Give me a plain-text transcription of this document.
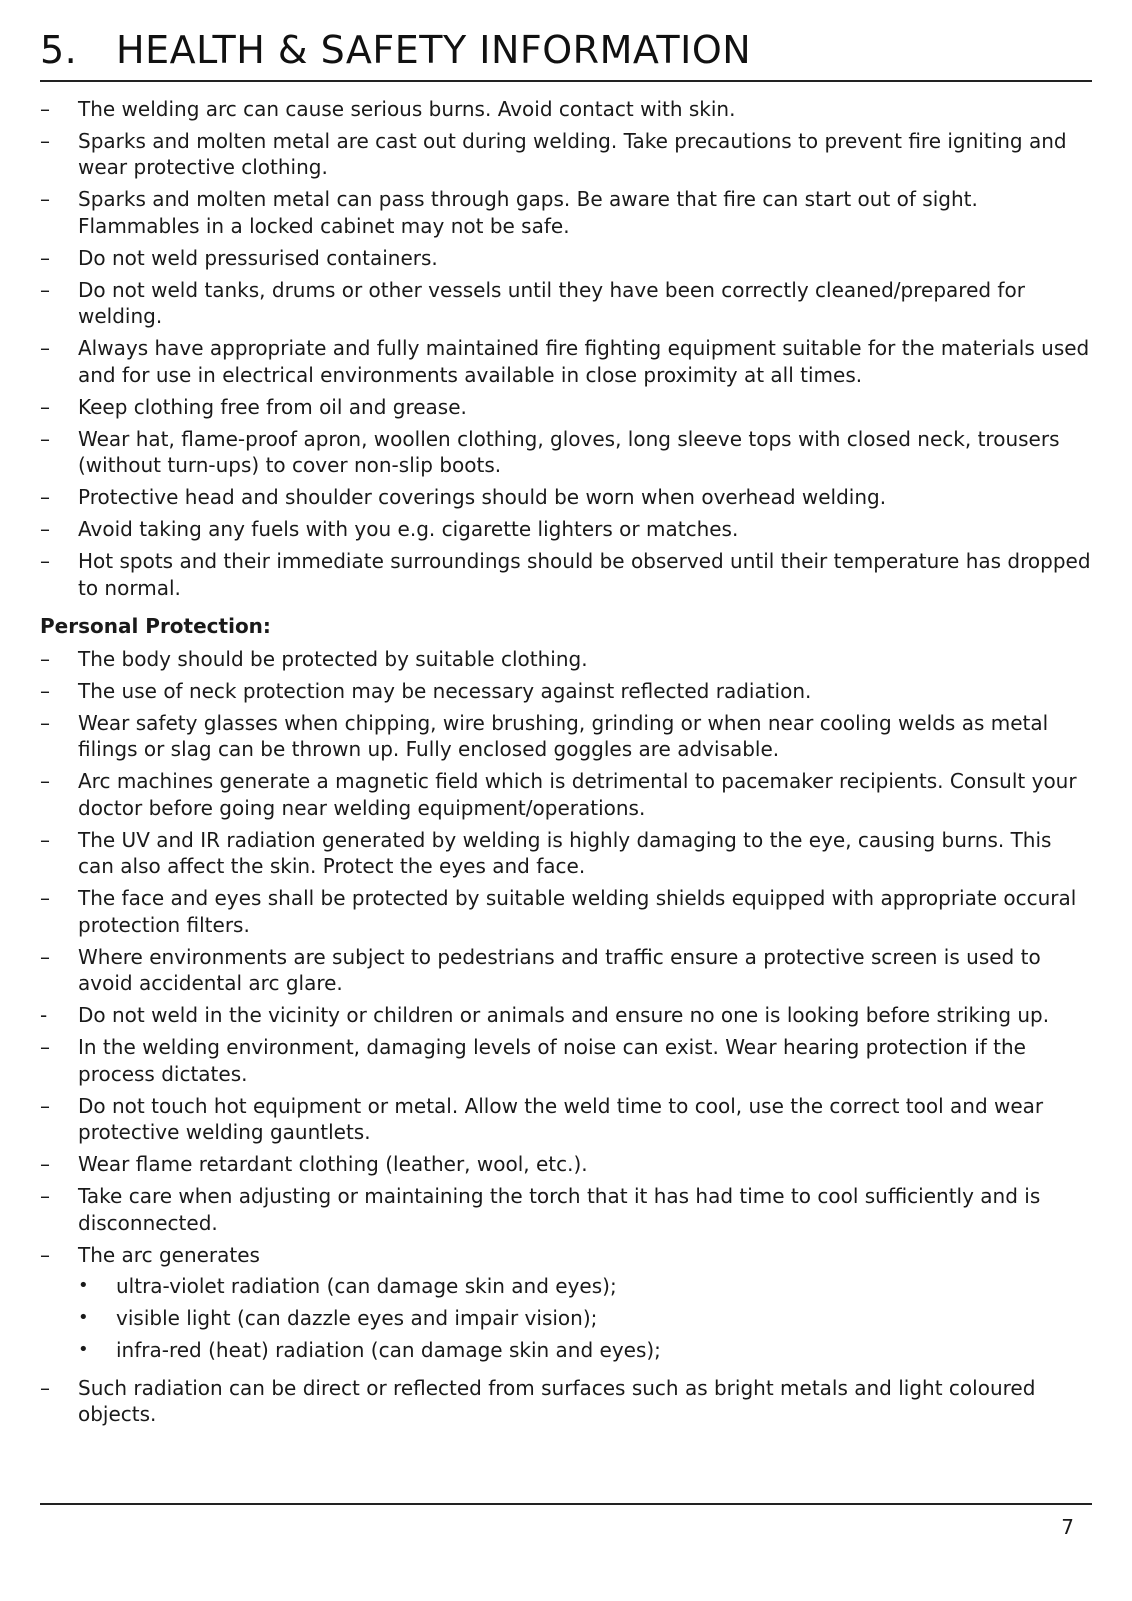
5.	HEALTH & SAFETY INFORMATION
–	The welding arc can cause serious burns. Avoid contact with skin.
–	Sparks and molten metal are cast out during welding. Take precautions to prevent fire igniting and wear protective clothing.
–	Sparks and molten metal can pass through gaps. Be aware that fire can start out of sight. Flammables in a locked cabinet may not be safe.
–	Do not weld pressurised containers.
–	Do not weld tanks, drums or other vessels until they have been correctly cleaned/prepared for welding.
–	Always have appropriate and fully maintained fire fighting equipment suitable for the materials used and for use in electrical environments available in close proximity at all times.
–	Keep clothing free from oil and grease.
–	Wear hat, flame-proof apron, woollen clothing, gloves, long sleeve tops with closed neck, trousers (without turn-ups) to cover non-slip boots.
–	Protective head and shoulder coverings should be worn when overhead welding.
–	Avoid taking any fuels with you e.g. cigarette lighters or matches.
–	Hot spots and their immediate surroundings should be observed until their temperature has dropped to normal.
Personal Protection:
–	The body should be protected by suitable clothing.
–	The use of neck protection may be necessary against reflected radiation.
–	Wear safety glasses when chipping, wire brushing, grinding or when near cooling welds as metal filings or slag can be thrown up. Fully enclosed goggles are advisable.
–	Arc machines generate a magnetic field which is detrimental to pacemaker recipients. Consult your doctor before going near welding equipment/operations.
–	The UV and IR radiation generated by welding is highly damaging to the eye, causing burns. This can also affect the skin. Protect the eyes and face.
–	The face and eyes shall be protected by suitable welding shields equipped with appropriate occural protection filters.
–	Where environments are subject to pedestrians and traffic ensure a protective screen is used to avoid accidental arc glare.
-	Do not weld in the vicinity or children or animals and ensure no one is looking before striking up.
–	In the welding environment, damaging levels of noise can exist. Wear hearing protection if the process dictates.
–	Do not touch hot equipment or metal. Allow the weld time to cool, use the correct tool and wear protective welding gauntlets.
–	Wear flame retardant clothing (leather, wool, etc.).
–	Take care when adjusting or maintaining the torch that it has had time to cool sufficiently and is disconnected.
–	The arc generates
•	ultra-violet radiation (can damage skin and eyes);
•	visible light (can dazzle eyes and impair vision);
•	infra-red (heat) radiation (can damage skin and eyes);
–	Such radiation can be direct or reflected from surfaces such as bright metals and light coloured objects.
7
